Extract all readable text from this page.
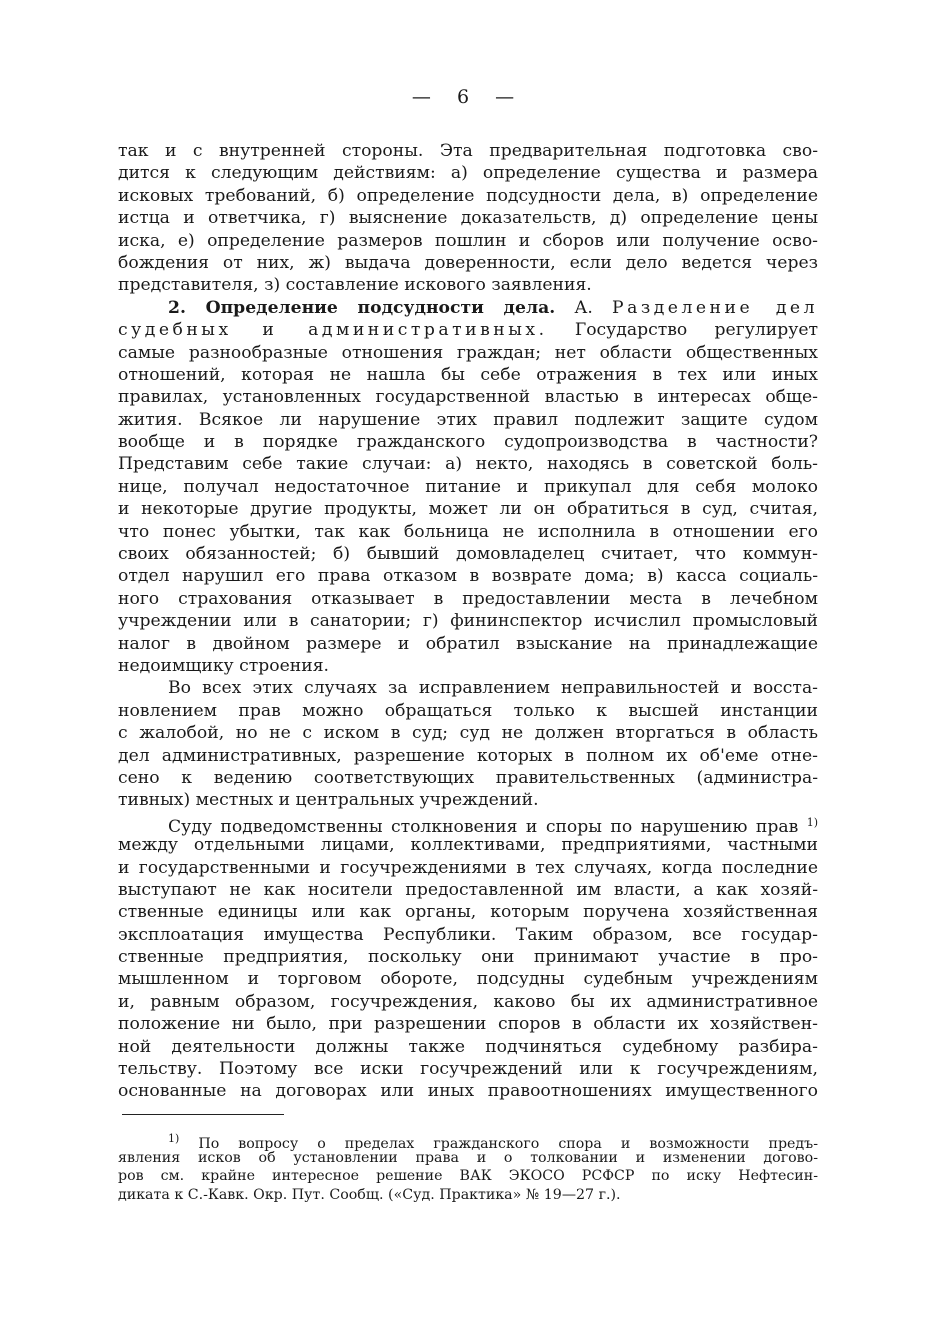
— 6 —
так и с внутренней стороны. Эта предварительная подготовка сво-
дится к следующим действиям: а) определение существа и размера
исковых требований, б) определение подсудности дела, в) определение
истца и ответчика, г) выяснение доказательств, д) определение цены
иска, е) определение размеров пошлин и сборов или получение осво-
бождения от них, ж) выдача доверенности, если дело ведется через
представителя, з) составление искового заявления.
2. Определение подсудности дела. А. Разделение дел
судебных и административных. Государство регулирует
самые разнообразные отношения граждан; нет области общественных
отношений, которая не нашла бы себе отражения в тех или иных
правилах, установленных государственной властью в интересах обще-
жития. Всякое ли нарушение этих правил подлежит защите судом
вообще и в порядке гражданского судопроизводства в частности?
Представим себе такие случаи: а) некто, находясь в советской боль-
нице, получал недостаточное питание и прикупал для себя молоко
и некоторые другие продукты, может ли он обратиться в суд, считая,
что понес убытки, так как больница не исполнила в отношении его
своих обязанностей; б) бывший домовладелец считает, что коммун-
отдел нарушил его права отказом в возврате дома; в) касса социаль-
ного страхования отказывает в предоставлении места в лечебном
учреждении или в санатории; г) фининспектор исчислил промысловый
налог в двойном размере и обратил взыскание на принадлежащие
недоимщику строения.
Во всех этих случаях за исправлением неправильностей и восста-
новлением прав можно обращаться только к высшей инстанции
с жалобой, но не с иском в суд; суд не должен вторгаться в область
дел административных, разрешение которых в полном их об'еме отне-
сено к ведению соответствующих правительственных (администра-
тивных) местных и центральных учреждений.
Суду подведомственны столкновения и споры по нарушению прав $^{1)}$
между отдельными лицами, коллективами, предприятиями, частными
и государственными и госучреждениями в тех случаях, когда последние
выступают не как носители предоставленной им власти, а как хозяй-
ственные единицы или как органы, которым поручена хозяйственная
эксплоатация имущества Республики. Таким образом, все государ-
ственные предприятия, поскольку они принимают участие в про-
мышленном и торговом обороте, подсудны судебным учреждениям
и, равным образом, госучреждения, каково бы их административное
положение ни было, при разрешении споров в области их хозяйствен-
ной деятельности должны также подчиняться судебному разбира-
тельству. Поэтому все иски госучреждений или к госучреждениям,
основанные на договорах или иных правоотношениях имущественного
$^{1)}$ По вопросу о пределах гражданского спора и возможности предъ-
явления исков об установлении права и о толковании и изменении догово-
ров см. крайне интересное решение ВАК ЭКОСО РСФСР по иску Нефтесин-
диката к С.-Кавк. Окр. Пут. Сообщ. («Суд. Практика» № 19—27 г.).
